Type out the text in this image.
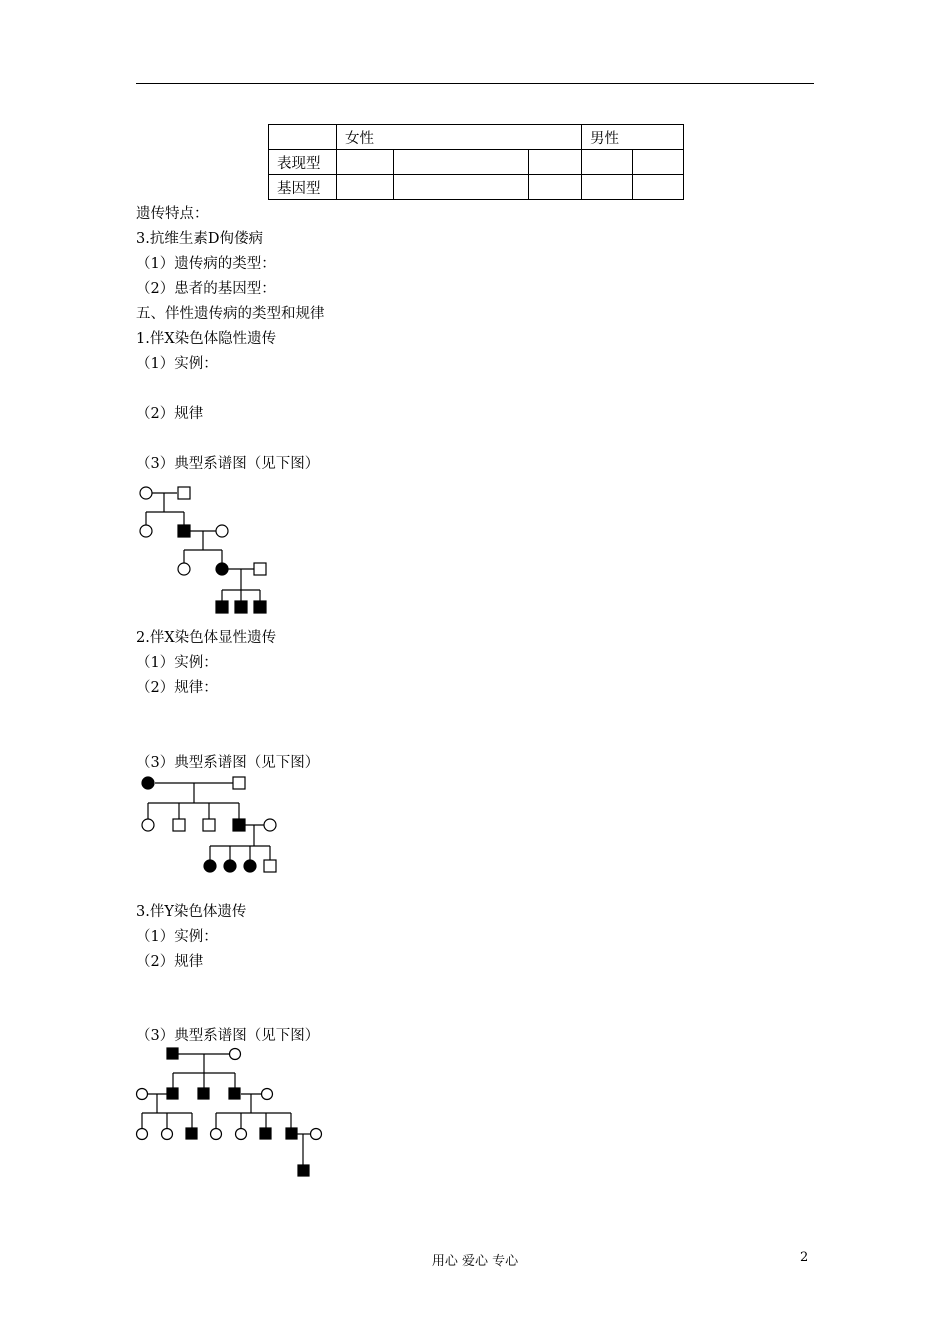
	女性			男性	
表现型					
基因型					
遗传特点：
3.抗维生素D佝偻病
（1）遗传病的类型：
（2）患者的基因型：
五、伴性遗传病的类型和规律
1.伴X染色体隐性遗传
（1）实例：
（2）规律
（3）典型系谱图（见下图）
2.伴X染色体显性遗传
（1）实例：
（2）规律：
（3）典型系谱图（见下图）
3.伴Y染色体遗传
（1）实例：
（2）规律
（3）典型系谱图（见下图）
用心 爱心 专心	2
